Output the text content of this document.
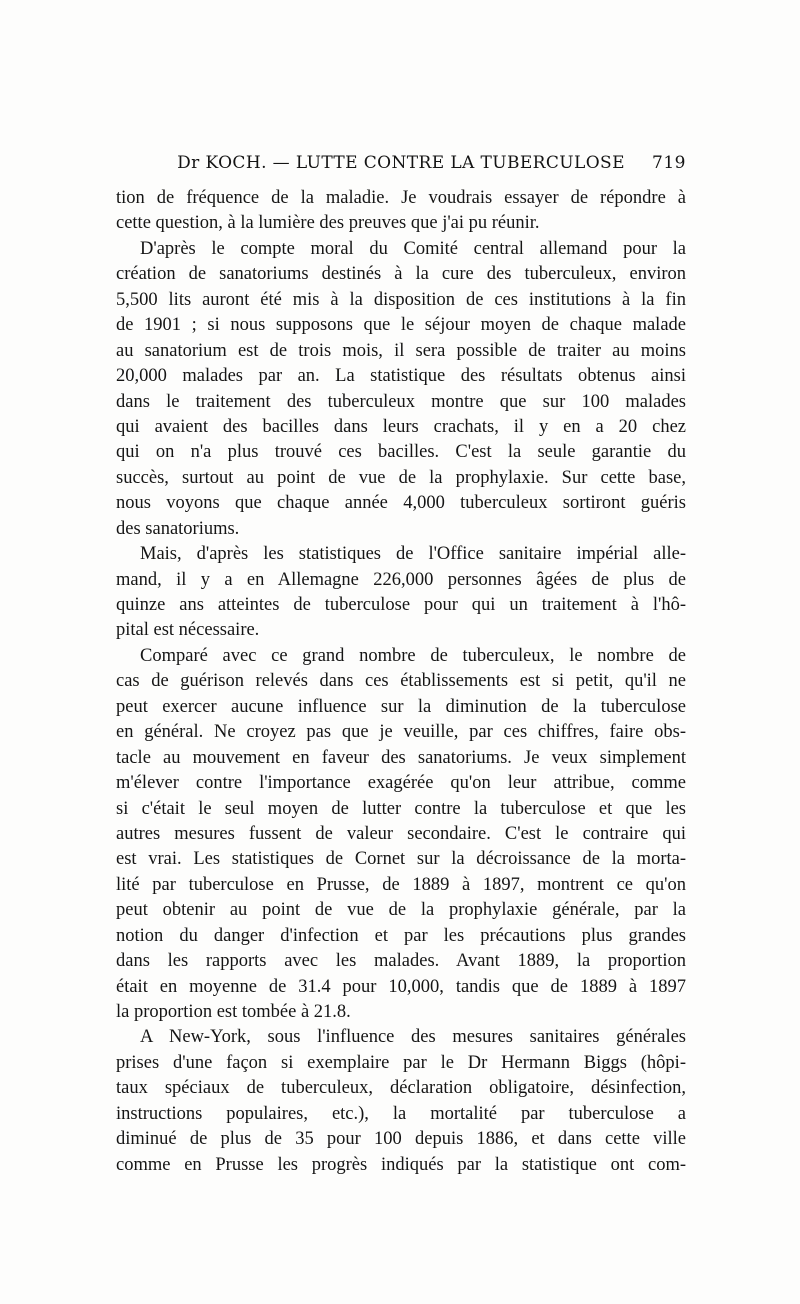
Dr KOCH. — LUTTE CONTRE LA TUBERCULOSE	719
tion de fréquence de la maladie. Je voudrais essayer de répondre à
cette question, à la lumière des preuves que j'ai pu réunir.
D'après le compte moral du Comité central allemand pour la
création de sanatoriums destinés à la cure des tuberculeux, environ
5,500 lits auront été mis à la disposition de ces institutions à la fin
de 1901 ; si nous supposons que le séjour moyen de chaque malade
au sanatorium est de trois mois, il sera possible de traiter au moins
20,000 malades par an. La statistique des résultats obtenus ainsi
dans le traitement des tuberculeux montre que sur 100 malades
qui avaient des bacilles dans leurs crachats, il y en a 20 chez
qui on n'a plus trouvé ces bacilles. C'est la seule garantie du
succès, surtout au point de vue de la prophylaxie. Sur cette base,
nous voyons que chaque année 4,000 tuberculeux sortiront guéris
des sanatoriums.
Mais, d'après les statistiques de l'Office sanitaire impérial alle-
mand, il y a en Allemagne 226,000 personnes âgées de plus de
quinze ans atteintes de tuberculose pour qui un traitement à l'hô-
pital est nécessaire.
Comparé avec ce grand nombre de tuberculeux, le nombre de
cas de guérison relevés dans ces établissements est si petit, qu'il ne
peut exercer aucune influence sur la diminution de la tuberculose
en général. Ne croyez pas que je veuille, par ces chiffres, faire obs-
tacle au mouvement en faveur des sanatoriums. Je veux simplement
m'élever contre l'importance exagérée qu'on leur attribue, comme
si c'était le seul moyen de lutter contre la tuberculose et que les
autres mesures fussent de valeur secondaire. C'est le contraire qui
est vrai. Les statistiques de Cornet sur la décroissance de la morta-
lité par tuberculose en Prusse, de 1889 à 1897, montrent ce qu'on
peut obtenir au point de vue de la prophylaxie générale, par la
notion du danger d'infection et par les précautions plus grandes
dans les rapports avec les malades. Avant 1889, la proportion
était en moyenne de 31.4 pour 10,000, tandis que de 1889 à 1897
la proportion est tombée à 21.8.
A New-York, sous l'influence des mesures sanitaires générales
prises d'une façon si exemplaire par le Dr Hermann Biggs (hôpi-
taux spéciaux de tuberculeux, déclaration obligatoire, désinfection,
instructions populaires, etc.), la mortalité par tuberculose a
diminué de plus de 35 pour 100 depuis 1886, et dans cette ville
comme en Prusse les progrès indiqués par la statistique ont com-
